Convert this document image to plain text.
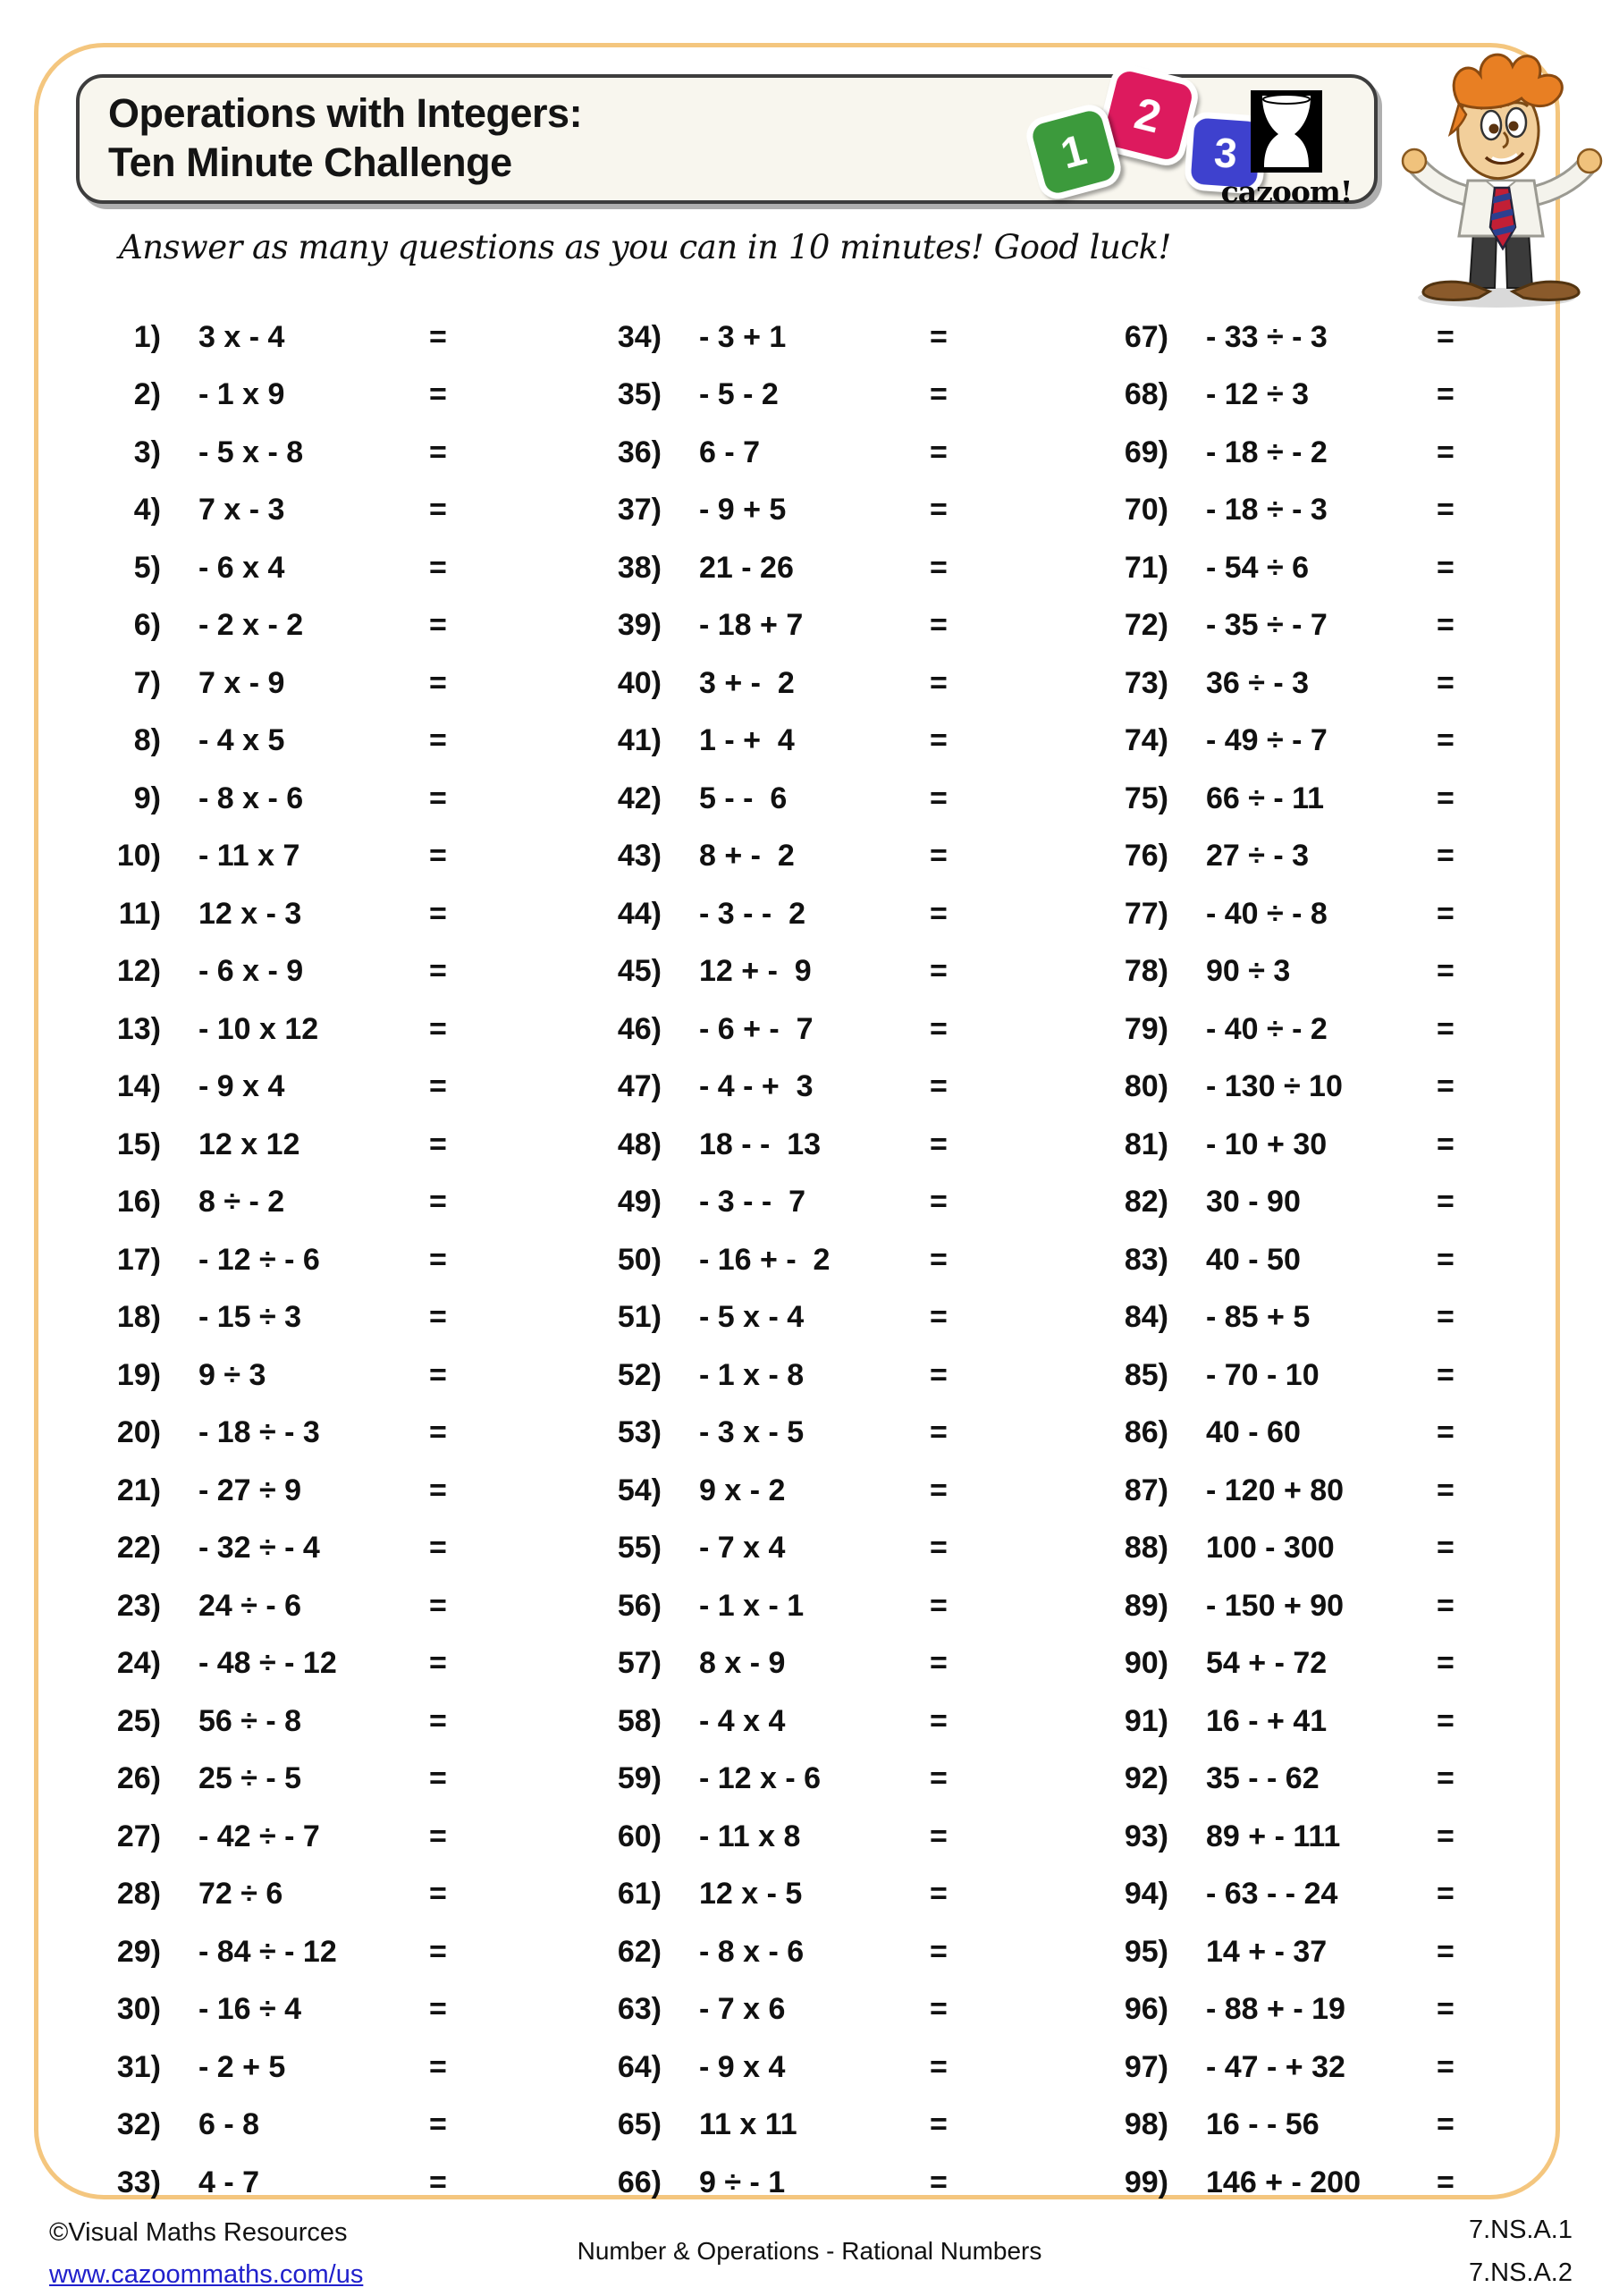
Operations with Integers:
Ten Minute Challenge
2
1	3
cazoom!
Answer as many questions as you can in 10 minutes! Good luck!
1)	3 x - 4	=
2)	- 1 x 9	=
3)	- 5 x - 8	=
4)	7 x - 3	=
5)	- 6 x 4	=
6)	- 2 x - 2	=
7)	7 x - 9	=
8)	- 4 x 5	=
9)	- 8 x - 6	=
10)	- 11 x 7	=
11)	12 x - 3	=
12)	- 6 x - 9	=
13)	- 10 x 12	=
14)	- 9 x 4	=
15)	12 x 12	=
16)	8 ÷ - 2	=
17)	- 12 ÷ - 6	=
18)	- 15 ÷ 3	=
19)	9 ÷ 3	=
20)	- 18 ÷ - 3	=
21)	- 27 ÷ 9	=
22)	- 32 ÷ - 4	=
23)	24 ÷ - 6	=
24)	- 48 ÷ - 12	=
25)	56 ÷ - 8	=
26)	25 ÷ - 5	=
27)	- 42 ÷ - 7	=
28)	72 ÷ 6	=
29)	- 84 ÷ - 12	=
30)	- 16 ÷ 4	=
31)	- 2 + 5	=
32)	6 - 8	=
33)	4 - 7	=
34)	- 3 + 1	=
35)	- 5 - 2	=
36)	6 - 7	=
37)	- 9 + 5	=
38)	21 - 26	=
39)	- 18 + 7	=
40)	3 + -  2	=
41)	1 - +  4	=
42)	5 - -  6	=
43)	8 + -  2	=
44)	- 3 - -  2	=
45)	12 + -  9	=
46)	- 6 + -  7	=
47)	- 4 - +  3	=
48)	18 - -  13	=
49)	- 3 - -  7	=
50)	- 16 + -  2	=
51)	- 5 x - 4	=
52)	- 1 x - 8	=
53)	- 3 x - 5	=
54)	9 x - 2	=
55)	- 7 x 4	=
56)	- 1 x - 1	=
57)	8 x - 9	=
58)	- 4 x 4	=
59)	- 12 x - 6	=
60)	- 11 x 8	=
61)	12 x - 5	=
62)	- 8 x - 6	=
63)	- 7 x 6	=
64)	- 9 x 4	=
65)	11 x 11	=
66)	9 ÷ - 1	=
67)	- 33 ÷ - 3	=
68)	- 12 ÷ 3	=
69)	- 18 ÷ - 2	=
70)	- 18 ÷ - 3	=
71)	- 54 ÷ 6	=
72)	- 35 ÷ - 7	=
73)	36 ÷ - 3	=
74)	- 49 ÷ - 7	=
75)	66 ÷ - 11	=
76)	27 ÷ - 3	=
77)	- 40 ÷ - 8	=
78)	90 ÷ 3	=
79)	- 40 ÷ - 2	=
80)	- 130 ÷ 10	=
81)	- 10 + 30	=
82)	30 - 90	=
83)	40 - 50	=
84)	- 85 + 5	=
85)	- 70 - 10	=
86)	40 - 60	=
87)	- 120 + 80	=
88)	100 - 300	=
89)	- 150 + 90	=
90)	54 + - 72	=
91)	16 - + 41	=
92)	35 - - 62	=
93)	89 + - 111	=
94)	- 63 - - 24	=
95)	14 + - 37	=
96)	- 88 + - 19	=
97)	- 47 - + 32	=
98)	16 - - 56	=
99)	146 + - 200	=
©Visual Maths Resources
www.cazoommaths.com/us
Number & Operations - Rational Numbers
7.NS.A.1
7.NS.A.2
